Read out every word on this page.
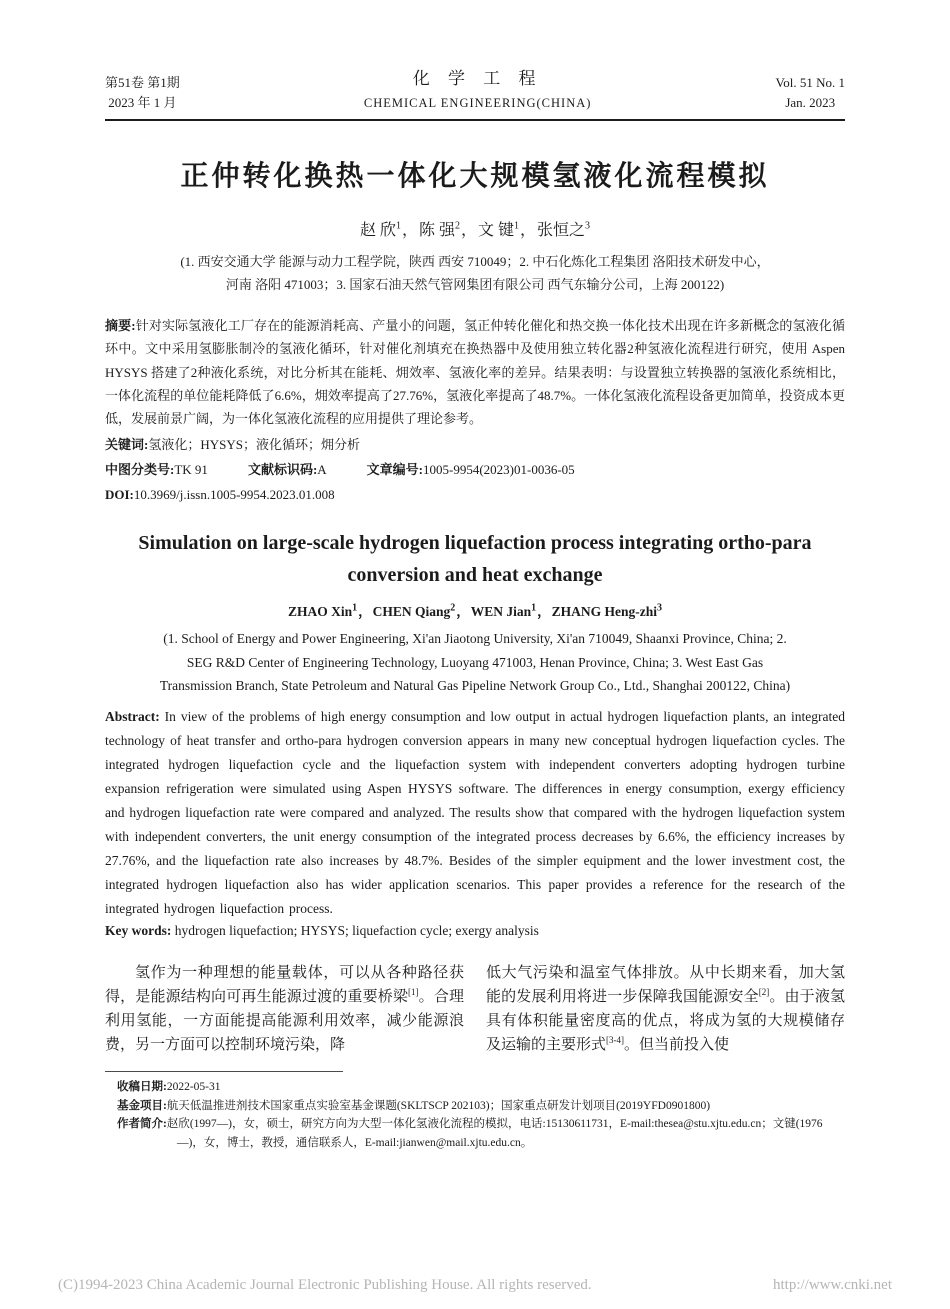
第51卷 第1期
2023 年 1 月
化 学 工 程
CHEMICAL ENGINEERING(CHINA)
Vol. 51 No. 1
Jan. 2023
正仲转化换热一体化大规模氢液化流程模拟
赵 欣$^1$，陈 强$^2$，文 键$^1$，张恒之$^3$
(1. 西安交通大学 能源与动力工程学院，陕西 西安 710049；2. 中石化炼化工程集团 洛阳技术研发中心，
河南 洛阳 471003；3. 国家石油天然气管网集团有限公司 西气东输分公司，上海 200122)

摘要:针对实际氢液化工厂存在的能源消耗高、产量小的问题，氢正仲转化催化和热交换一体化技术出现在许多新概念的氢液化循环中。文中采用氢膨胀制冷的氢液化循环，针对催化剂填充在换热器中及使用独立转化器2种氢液化流程进行研究，使用 Aspen HYSYS 搭建了2种液化系统，对比分析其在能耗、㶲效率、氢液化率的差异。结果表明：与设置独立转换器的氢液化系统相比，一体化流程的单位能耗降低了6.6%，㶲效率提高了27.76%，氢液化率提高了48.7%。一体化氢液化流程设备更加简单，投资成本更低，发展前景广阔，为一体化氢液化流程的应用提供了理论参考。

关键词:氢液化；HYSYS；液化循环；㶲分析

中图分类号:TK 91	文献标识码:A	文章编号:1005-9954(2023)01-0036-05

DOI:10.3969/j.issn.1005-9954.2023.01.008

Simulation on large-scale hydrogen liquefaction process integrating ortho-para conversion and heat exchange
ZHAO Xin$^1$，CHEN Qiang$^2$，WEN Jian$^1$，ZHANG Heng-zhi$^3$
(1. School of Energy and Power Engineering, Xi'an Jiaotong University, Xi'an 710049, Shaanxi Province, China; 2. SEG R&D Center of Engineering Technology, Luoyang 471003, Henan Province, China; 3. West East Gas Transmission Branch, State Petroleum and Natural Gas Pipeline Network Group Co., Ltd., Shanghai 200122, China)

Abstract: In view of the problems of high energy consumption and low output in actual hydrogen liquefaction plants, an integrated technology of heat transfer and ortho-para hydrogen conversion appears in many new conceptual hydrogen liquefaction cycles. The integrated hydrogen liquefaction cycle and the liquefaction system with independent converters adopting hydrogen turbine expansion refrigeration were simulated using Aspen HYSYS software. The differences in energy consumption, exergy efficiency and hydrogen liquefaction rate were compared and analyzed. The results show that compared with the hydrogen liquefaction system with independent converters, the unit energy consumption of the integrated process decreases by 6.6%, the efficiency increases by 27.76%, and the liquefaction rate also increases by 48.7%. Besides of the simpler equipment and the lower investment cost, the integrated hydrogen liquefaction also has wider application scenarios. This paper provides a reference for the research of the integrated hydrogen liquefaction process.

Key words: hydrogen liquefaction; HYSYS; liquefaction cycle; exergy analysis

氢作为一种理想的能量载体，可以从各种路径获得，是能源结构向可再生能源过渡的重要桥梁[1]。合理利用氢能，一方面能提高能源利用效率，减少能源浪费，另一方面可以控制环境污染，降

低大气污染和温室气体排放。从中长期来看，加大氢能的发展利用将进一步保障我国能源安全[2]。由于液氢具有体积能量密度高的优点，将成为氢的大规模储存及运输的主要形式[3-4]。但当前投入使

收稿日期:2022-05-31
基金项目:航天低温推进剂技术国家重点实验室基金课题(SKLTSCP 202103)；国家重点研发计划项目(2019YFD0901800)
作者简介:赵欣(1997—)，女，硕士，研究方向为大型一体化氢液化流程的模拟，电话:15130611731，E-mail:thesea@stu.xjtu.edu.cn；文键(1976—)，女，博士，教授，通信联系人，E-mail:jianwen@mail.xjtu.edu.cn。
(C)1994-2023 China Academic Journal Electronic Publishing House. All rights reserved.	http://www.cnki.net
